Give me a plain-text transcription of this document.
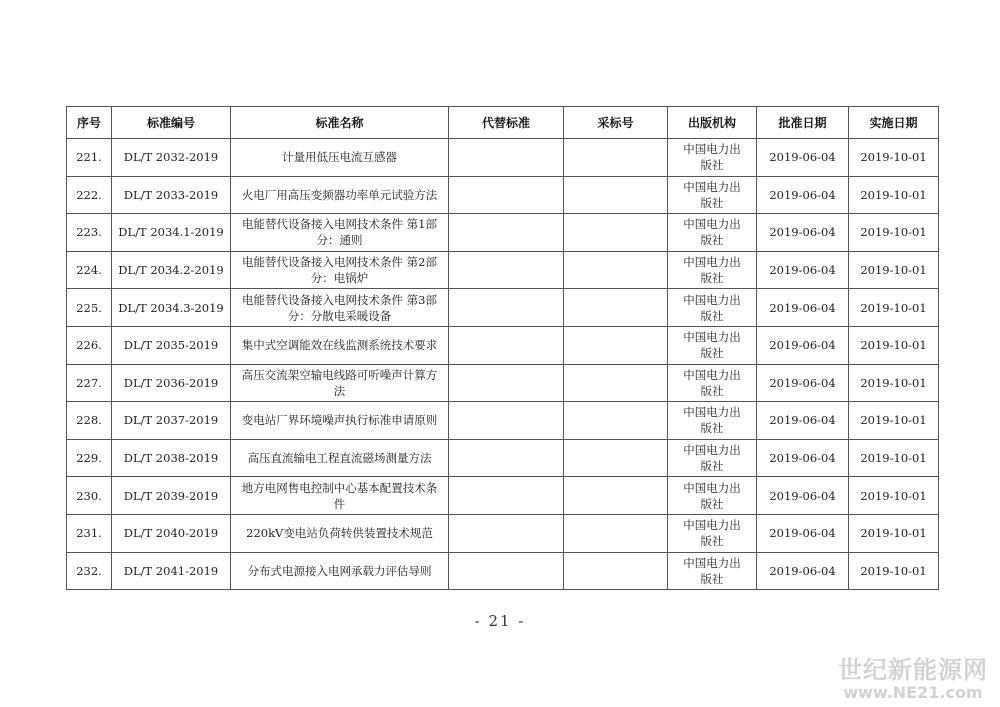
序号	标准编号	标准名称	代替标准	采标号	出版机构	批准日期	实施日期
221.	DL/T 2032-2019	计量用低压电流互感器			中国电力出版社	2019-06-04	2019-10-01
222.	DL/T 2033-2019	火电厂用高压变频器功率单元试验方法			中国电力出版社	2019-06-04	2019-10-01
223.	DL/T 2034.1-2019	电能替代设备接入电网技术条件 第1部分：通则			中国电力出版社	2019-06-04	2019-10-01
224.	DL/T 2034.2-2019	电能替代设备接入电网技术条件 第2部分：电锅炉			中国电力出版社	2019-06-04	2019-10-01
225.	DL/T 2034.3-2019	电能替代设备接入电网技术条件 第3部分：分散电采暖设备			中国电力出版社	2019-06-04	2019-10-01
226.	DL/T 2035-2019	集中式空调能效在线监测系统技术要求			中国电力出版社	2019-06-04	2019-10-01
227.	DL/T 2036-2019	高压交流架空输电线路可听噪声计算方法			中国电力出版社	2019-06-04	2019-10-01
228.	DL/T 2037-2019	变电站厂界环境噪声执行标准申请原则			中国电力出版社	2019-06-04	2019-10-01
229.	DL/T 2038-2019	高压直流输电工程直流磁场测量方法			中国电力出版社	2019-06-04	2019-10-01
230.	DL/T 2039-2019	地方电网售电控制中心基本配置技术条件			中国电力出版社	2019-06-04	2019-10-01
231.	DL/T 2040-2019	220kV变电站负荷转供装置技术规范			中国电力出版社	2019-06-04	2019-10-01
232.	DL/T 2041-2019	分布式电源接入电网承载力评估导则			中国电力出版社	2019-06-04	2019-10-01
- 21 -
世纪新能源网
www.NE21.com
